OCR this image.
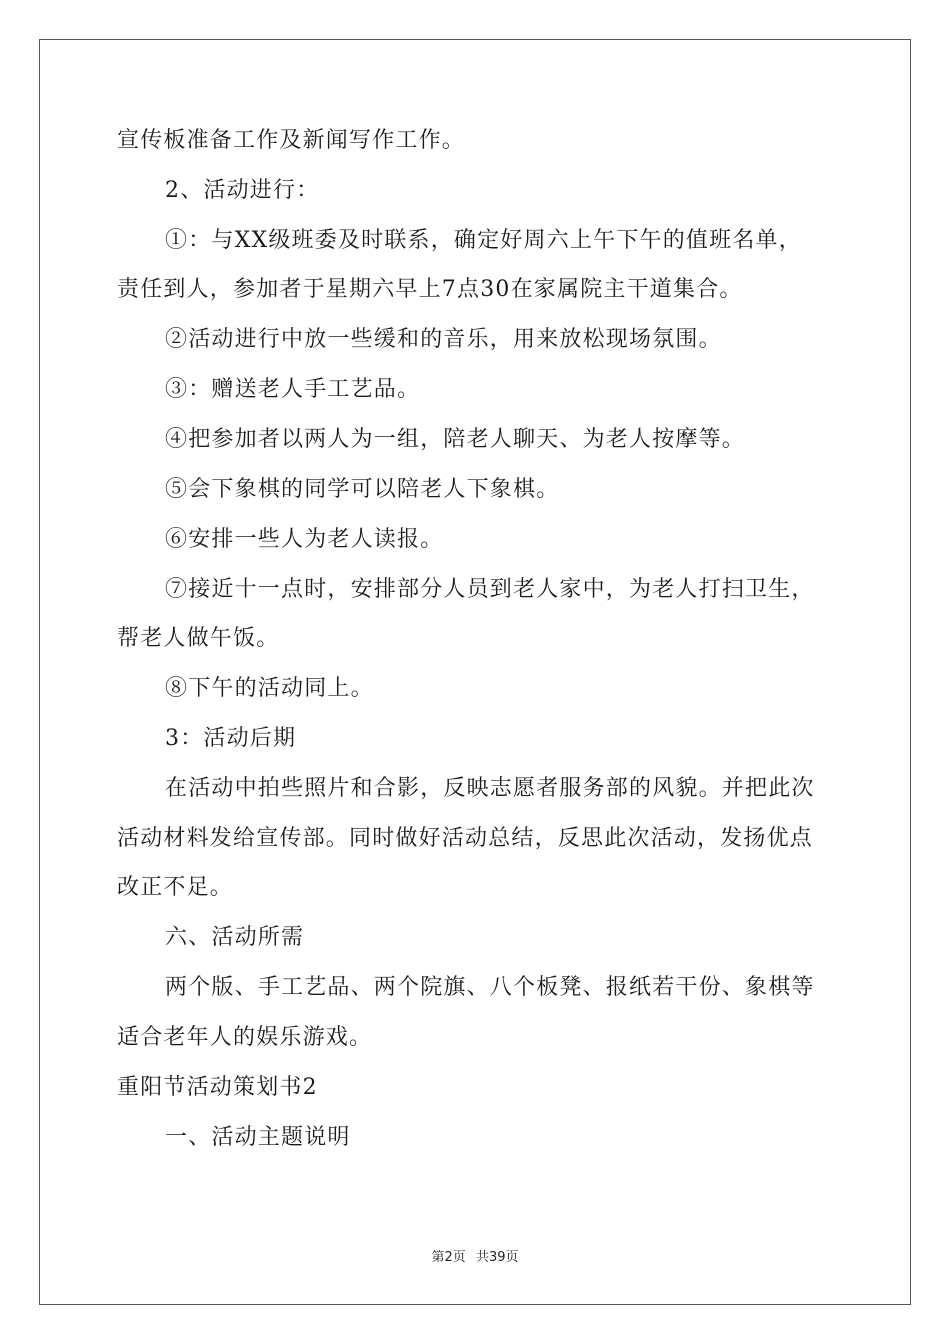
宣传板准备工作及新闻写作工作。
2、活动进行：
①：与XX级班委及时联系，确定好周六上午下午的值班名单，
责任到人，参加者于星期六早上7点30在家属院主干道集合。
②活动进行中放一些缓和的音乐，用来放松现场氛围。
③：赠送老人手工艺品。
④把参加者以两人为一组，陪老人聊天、为老人按摩等。
⑤会下象棋的同学可以陪老人下象棋。
⑥安排一些人为老人读报。
⑦接近十一点时，安排部分人员到老人家中，为老人打扫卫生，
帮老人做午饭。
⑧下午的活动同上。
3：活动后期
在活动中拍些照片和合影，反映志愿者服务部的风貌。并把此次
活动材料发给宣传部。同时做好活动总结，反思此次活动，发扬优点
改正不足。
六、活动所需
两个版、手工艺品、两个院旗、八个板凳、报纸若干份、象棋等
适合老年人的娱乐游戏。
重阳节活动策划书2
一、活动主题说明
第2页 共39页
